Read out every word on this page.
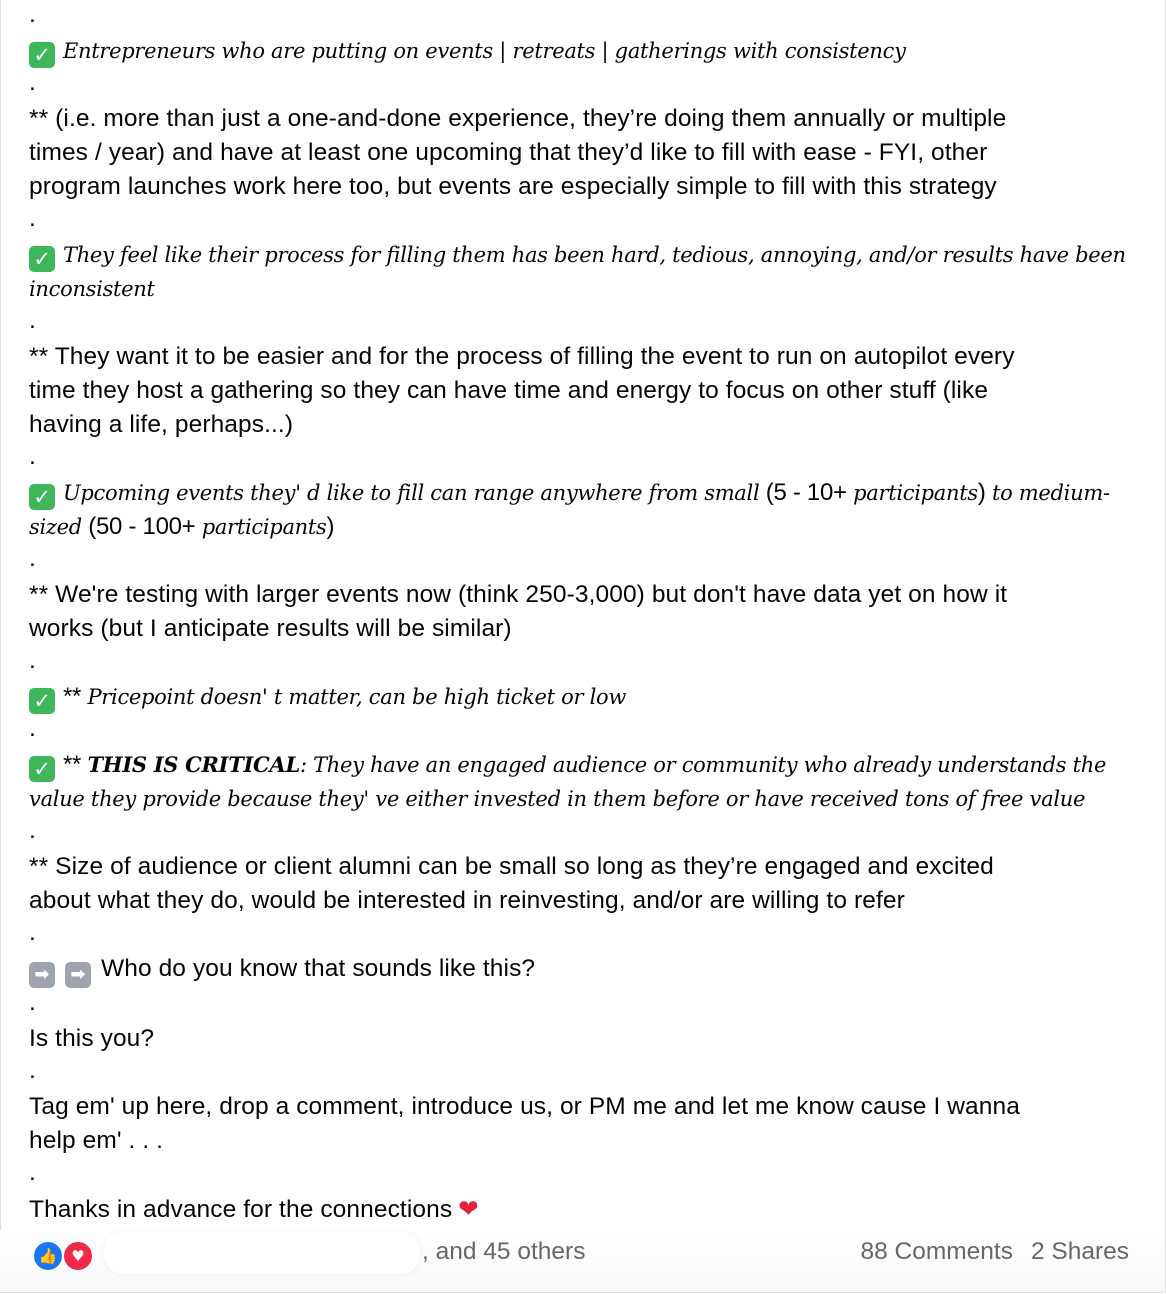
.
✓ Entrepreneurs who are putting on events | retreats | gatherings with consistency
.
** (i.e. more than just a one-and-done experience, they’re doing them annually or multiple
times / year) and have at least one upcoming that they’d like to fill with ease - FYI, other
program launches work here too, but events are especially simple to fill with this strategy
.
✓ They feel like their process for filling them has been hard, tedious, annoying, and/or results have been
inconsistent
.
** They want it to be easier and for the process of filling the event to run on autopilot every
time they host a gathering so they can have time and energy to focus on other stuff (like
having a life, perhaps...)
.
✓ Upcoming events they' d like to fill can range anywhere from small (5 - 10+ participants) to medium-
sized (50 - 100+ participants)
.
** We're testing with larger events now (think 250-3,000) but don't have data yet on how it
works (but I anticipate results will be similar)
.
✓ ** Pricepoint doesn' t matter, can be high ticket or low
.
✓ ** THIS IS CRITICAL: They have an engaged audience or community who already understands the
value they provide because they' ve either invested in them before or have received tons of free value
.
** Size of audience or client alumni can be small so long as they’re engaged and excited
about what they do, would be interested in reinvesting, and/or are willing to refer
.
➡ ➡ Who do you know that sounds like this?
.
Is this you?
.
Tag em' up here, drop a comment, introduce us, or PM me and let me know cause I wanna
help em' . . .
.
Thanks in advance for the connections ❤
👍 ♥	, and 45 others	88 Comments 2 Shares
